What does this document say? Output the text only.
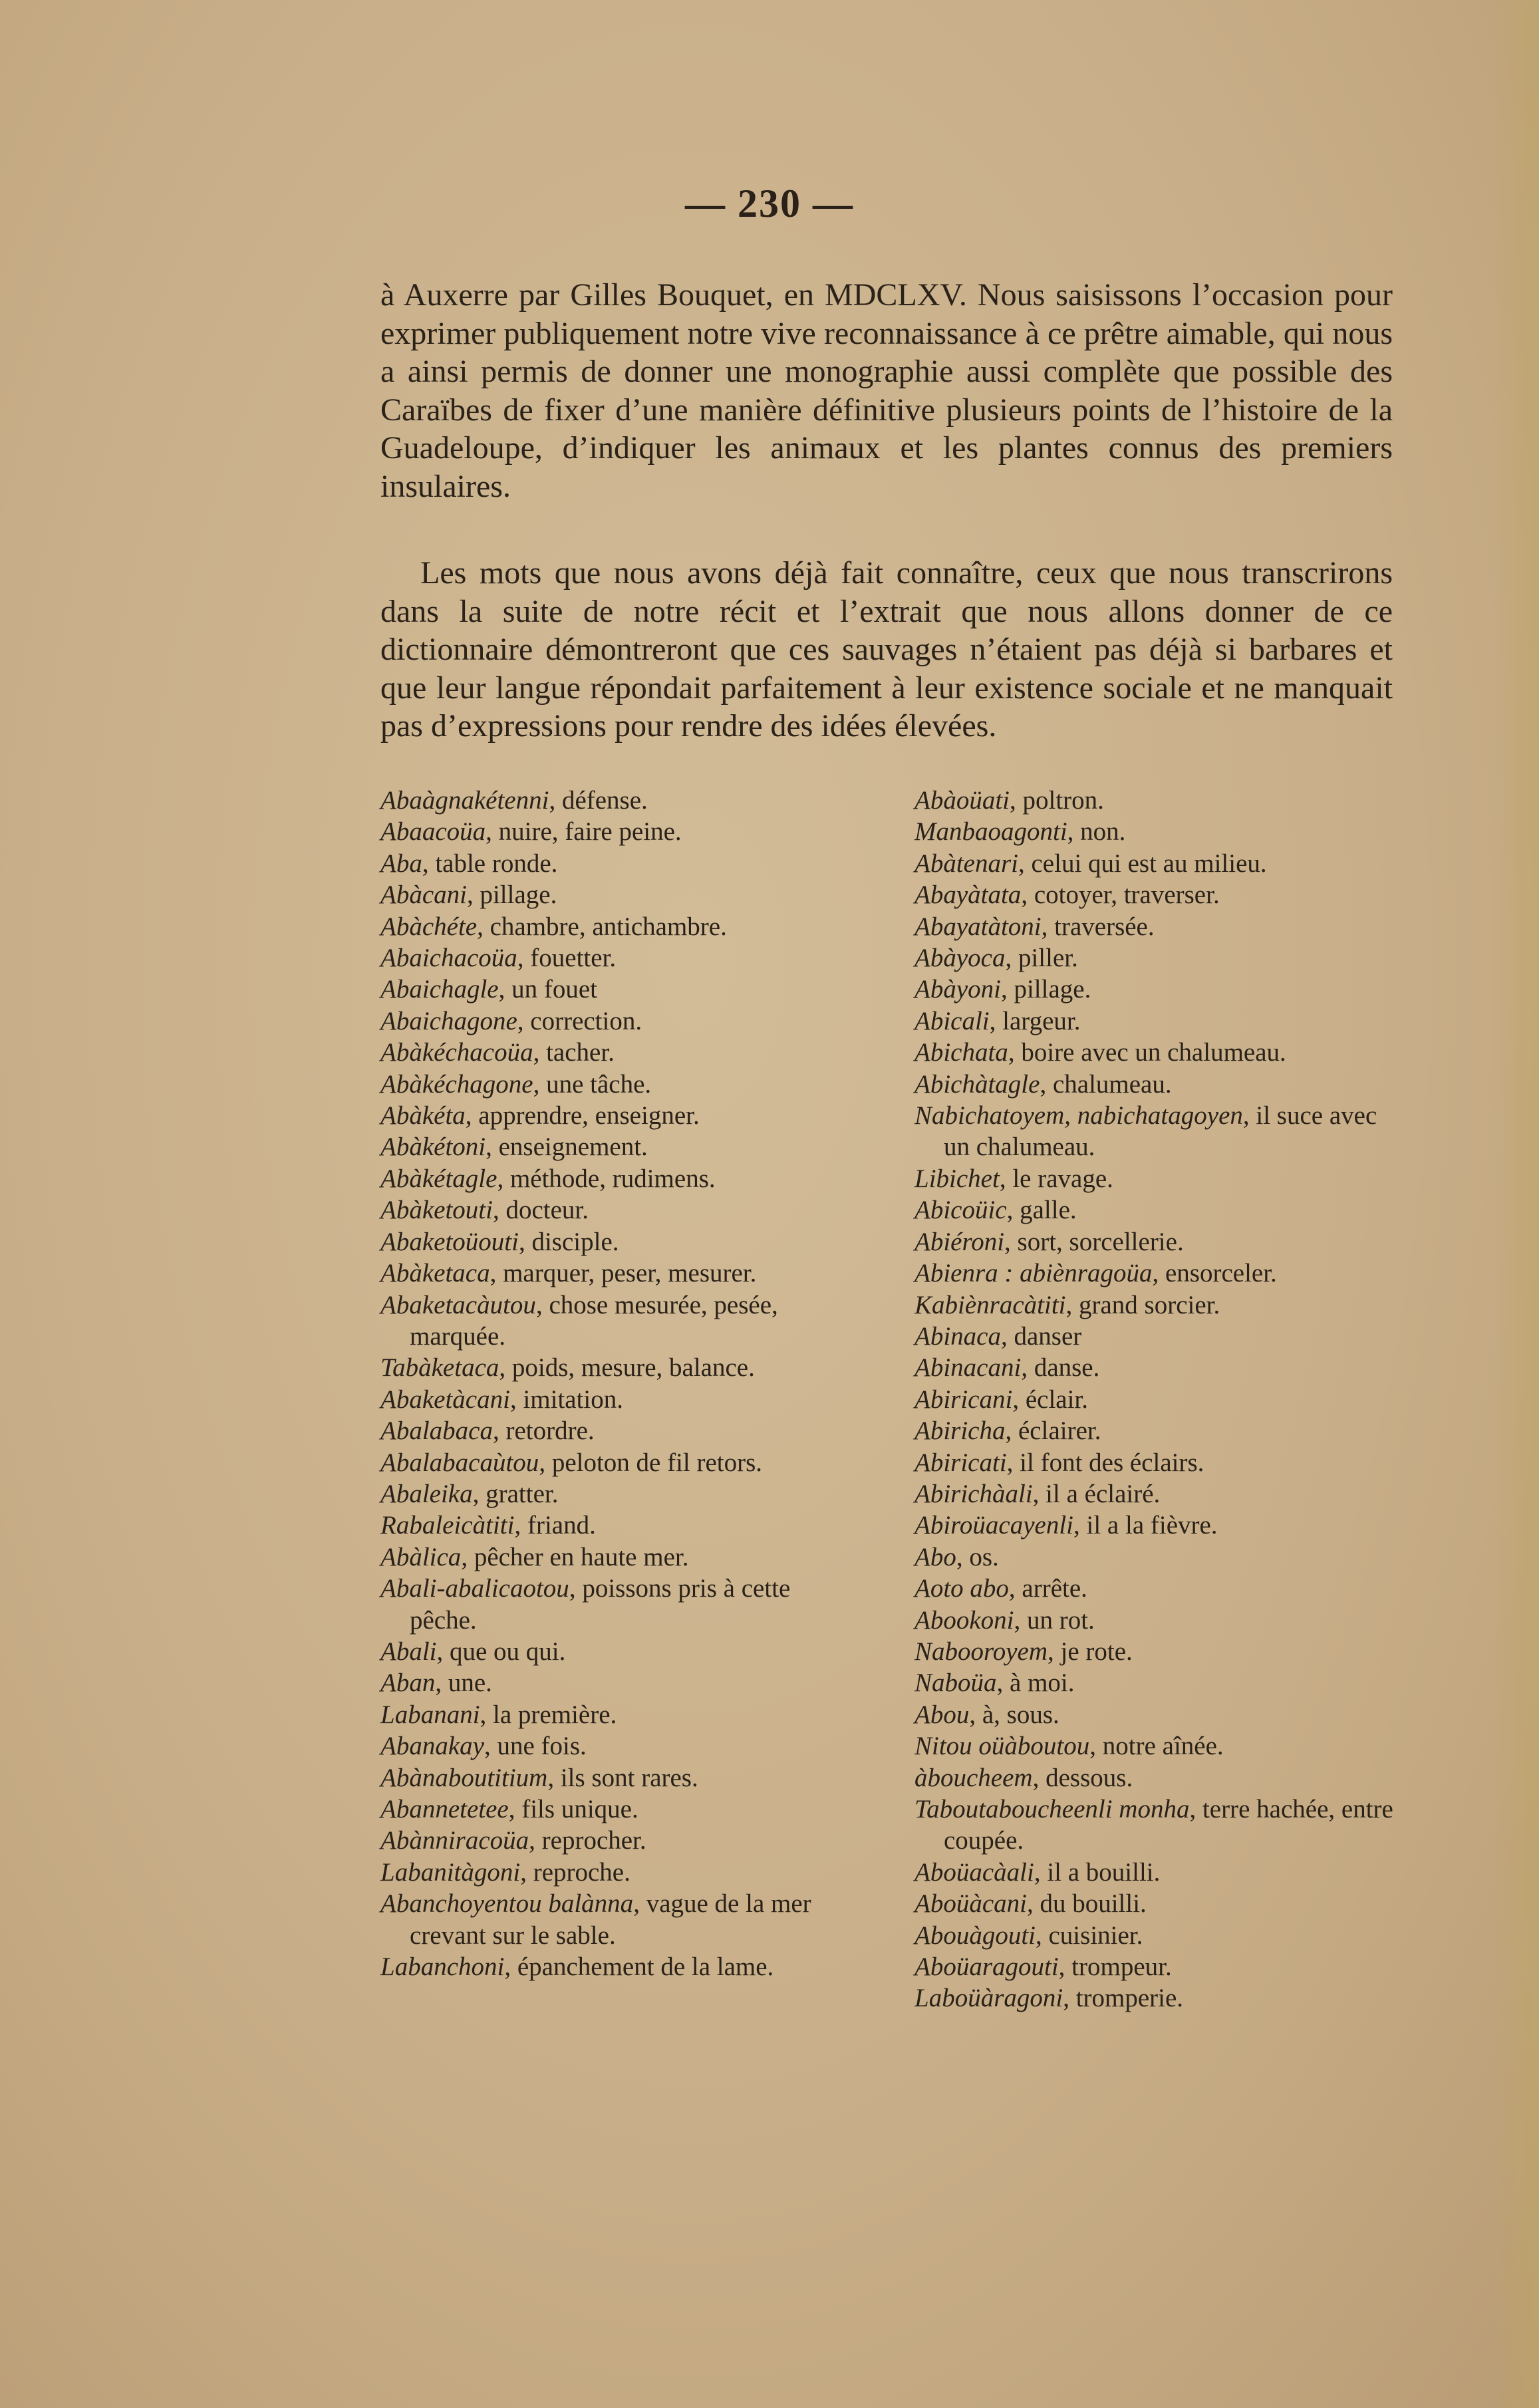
— 230 —

à Auxerre par Gilles Bouquet, en MDCLXV. Nous saisissons l’occasion pour exprimer publiquement notre vive reconnaissance à ce prêtre aimable, qui nous a ainsi permis de donner une monographie aussi complète que possible des Caraïbes de fixer d’une manière définitive plusieurs points de l’histoire de la Guadeloupe, d’indiquer les animaux et les plantes connus des premiers insulaires.

Les mots que nous avons déjà fait connaître, ceux que nous transcrirons dans la suite de notre récit et l’extrait que nous allons donner de ce dictionnaire démontreront que ces sauvages n’étaient pas déjà si barbares et que leur langue répondait parfaitement à leur existence sociale et ne manquait pas d’expressions pour rendre des idées élevées.

Abaàgnakétenni, défense.

Abaacoüa, nuire, faire peine.

Aba, table ronde.

Abàcani, pillage.

Abàchéte, chambre, antichambre.

Abaichacoüa, fouetter.

Abaichagle, un fouet

Abaichagone, correction.

Abàkéchacoüa, tacher.

Abàkéchagone, une tâche.

Abàkéta, apprendre, enseigner.

Abàkétoni, enseignement.

Abàkétagle, méthode, rudimens.

Abàketouti, docteur.

Abaketoüouti, disciple.

Abàketaca, marquer, peser, mesurer.

Abaketacàutou, chose mesurée, pesée, marquée.

Tabàketaca, poids, mesure, balance.

Abaketàcani, imitation.

Abalabaca, retordre.

Abalabacaùtou, peloton de fil retors.

Abaleika, gratter.

Rabaleicàtiti, friand.

Abàlica, pêcher en haute mer.

Abali-abalicaotou, poissons pris à cette pêche.

Abali, que ou qui.

Aban, une.

Labanani, la première.

Abanakay, une fois.

Abànaboutitium, ils sont rares.

Abannetetee, fils unique.

Abànniracoüa, reprocher.

Labanitàgoni, reproche.

Abanchoyentou balànna, vague de la mer crevant sur le sable.

Labanchoni, épanchement de la lame.

Abàoüati, poltron.

Manbaoagonti, non.

Abàtenari, celui qui est au milieu.

Abayàtata, cotoyer, traverser.

Abayatàtoni, traversée.

Abàyoca, piller.

Abàyoni, pillage.

Abicali, largeur.

Abichata, boire avec un chalumeau.

Abichàtagle, chalumeau.

Nabichatoyem, nabichatagoyen, il suce avec un chalumeau.

Libichet, le ravage.

Abicoüic, galle.

Abiéroni, sort, sorcellerie.

Abienra : abiènragoüa, ensorceler.

Kabiènracàtiti, grand sorcier.

Abinaca, danser

Abinacani, danse.

Abiricani, éclair.

Abiricha, éclairer.

Abiricati, il font des éclairs.

Abirichàali, il a éclairé.

Abiroüacayenli, il a la fièvre.

Abo, os.

Aoto abo, arrête.

Abookoni, un rot.

Nabooroyem, je rote.

Naboüa, à moi.

Abou, à, sous.

Nitou oüàboutou, notre aînée.

àboucheem, dessous.

Taboutaboucheenli monha, terre hachée, entre coupée.

Aboüacàali, il a bouilli.

Aboüàcani, du bouilli.

Abouàgouti, cuisinier.

Aboüaragouti, trompeur.

Laboüàragoni, tromperie.
